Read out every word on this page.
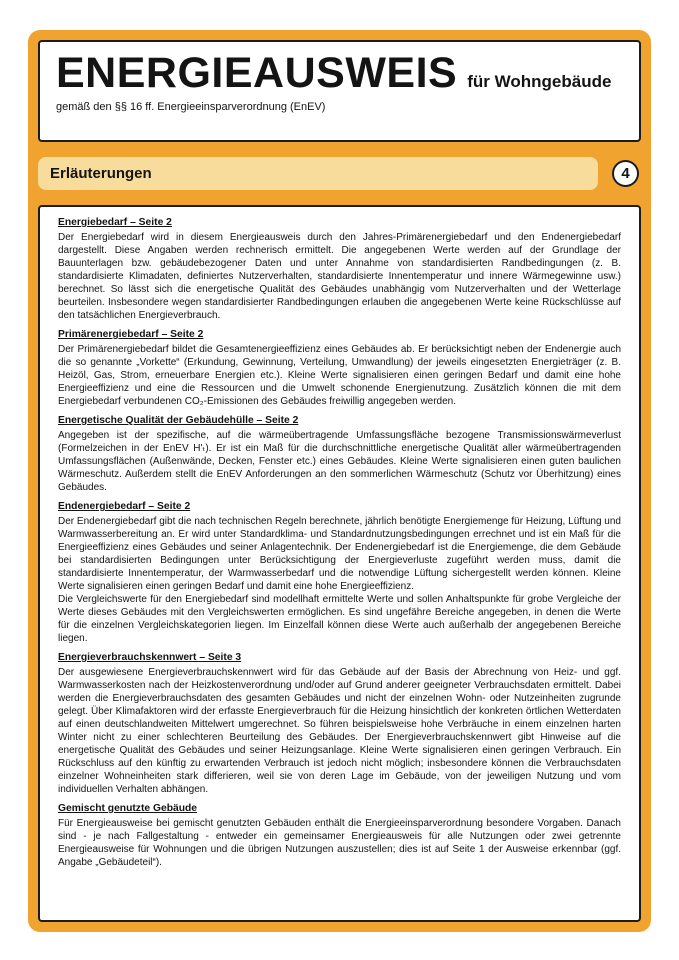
ENERGIEAUSWEIS für Wohngebäude
gemäß den §§ 16 ff. Energieeinsparverordnung (EnEV)
Erläuterungen	4
Energiebedarf – Seite 2

Der Energiebedarf wird in diesem Energieausweis durch den Jahres-Primärenergiebedarf und den Endenergiebedarf dargestellt. Diese Angaben werden rechnerisch ermittelt. Die angegebenen Werte werden auf der Grundlage der Bauunterlagen bzw. gebäudebezogener Daten und unter Annahme von standardisierten Randbedingungen (z. B. standardisierte Klimadaten, definiertes Nutzerverhalten, standardisierte Innentemperatur und innere Wärmegewinne usw.) berechnet. So lässt sich die energetische Qualität des Gebäudes unabhängig vom Nutzerverhalten und der Wetterlage beurteilen. Insbesondere wegen standardisierter Randbedingungen erlauben die angegebenen Werte keine Rückschlüsse auf den tatsächlichen Energieverbrauch.

Primärenergiebedarf – Seite 2

Der Primärenergiebedarf bildet die Gesamtenergieeffizienz eines Gebäudes ab. Er berücksichtigt neben der Endenergie auch die so genannte „Vorkette“ (Erkundung, Gewinnung, Verteilung, Umwandlung) der jeweils eingesetzten Energieträger (z. B. Heizöl, Gas, Strom, erneuerbare Energien etc.). Kleine Werte signalisieren einen geringen Bedarf und damit eine hohe Energieeffizienz und eine die Ressourcen und die Umwelt schonende Energienutzung. Zusätzlich können die mit dem Energiebedarf verbundenen CO₂-Emissionen des Gebäudes freiwillig angegeben werden.

Energetische Qualität der Gebäudehülle – Seite 2

Angegeben ist der spezifische, auf die wärmeübertragende Umfassungsfläche bezogene Transmissionswärmeverlust (Formelzeichen in der EnEV H'ₜ). Er ist ein Maß für die durchschnittliche energetische Qualität aller wärmeübertragenden Umfassungsflächen (Außenwände, Decken, Fenster etc.) eines Gebäudes. Kleine Werte signalisieren einen guten baulichen Wärmeschutz. Außerdem stellt die EnEV Anforderungen an den sommerlichen Wärmeschutz (Schutz vor Überhitzung) eines Gebäudes.

Endenergiebedarf – Seite 2

Der Endenergiebedarf gibt die nach technischen Regeln berechnete, jährlich benötigte Energiemenge für Heizung, Lüftung und Warmwasserbereitung an. Er wird unter Standardklima- und Standardnutzungsbedingungen errechnet und ist ein Maß für die Energieeffizienz eines Gebäudes und seiner Anlagentechnik. Der Endenergiebedarf ist die Energiemenge, die dem Gebäude bei standardisierten Bedingungen unter Berücksichtigung der Energieverluste zugeführt werden muss, damit die standardisierte Innentemperatur, der Warmwasserbedarf und die notwendige Lüftung sichergestellt werden können. Kleine Werte signalisieren einen geringen Bedarf und damit eine hohe Energieeffizienz.

Die Vergleichswerte für den Energiebedarf sind modellhaft ermittelte Werte und sollen Anhaltspunkte für grobe Vergleiche der Werte dieses Gebäudes mit den Vergleichswerten ermöglichen. Es sind ungefähre Bereiche angegeben, in denen die Werte für die einzelnen Vergleichskategorien liegen. Im Einzelfall können diese Werte auch außerhalb der angegebenen Bereiche liegen.

Energieverbrauchskennwert – Seite 3

Der ausgewiesene Energieverbrauchskennwert wird für das Gebäude auf der Basis der Abrechnung von Heiz- und ggf. Warmwasserkosten nach der Heizkostenverordnung und/oder auf Grund anderer geeigneter Verbrauchsdaten ermittelt. Dabei werden die Energieverbrauchsdaten des gesamten Gebäudes und nicht der einzelnen Wohn- oder Nutzeinheiten zugrunde gelegt. Über Klimafaktoren wird der erfasste Energieverbrauch für die Heizung hinsichtlich der konkreten örtlichen Wetterdaten auf einen deutschlandweiten Mittelwert umgerechnet. So führen beispielsweise hohe Verbräuche in einem einzelnen harten Winter nicht zu einer schlechteren Beurteilung des Gebäudes. Der Energieverbrauchskennwert gibt Hinweise auf die energetische Qualität des Gebäudes und seiner Heizungsanlage. Kleine Werte signalisieren einen geringen Verbrauch. Ein Rückschluss auf den künftig zu erwartenden Verbrauch ist jedoch nicht möglich; insbesondere können die Verbrauchsdaten einzelner Wohneinheiten stark differieren, weil sie von deren Lage im Gebäude, von der jeweiligen Nutzung und vom individuellen Verhalten abhängen.

Gemischt genutzte Gebäude

Für Energieausweise bei gemischt genutzten Gebäuden enthält die Energieeinsparverordnung besondere Vorgaben. Danach sind - je nach Fallgestaltung - entweder ein gemeinsamer Energieausweis für alle Nutzungen oder zwei getrennte Energieausweise für Wohnungen und die übrigen Nutzungen auszustellen; dies ist auf Seite 1 der Ausweise erkennbar (ggf. Angabe „Gebäudeteil“).
